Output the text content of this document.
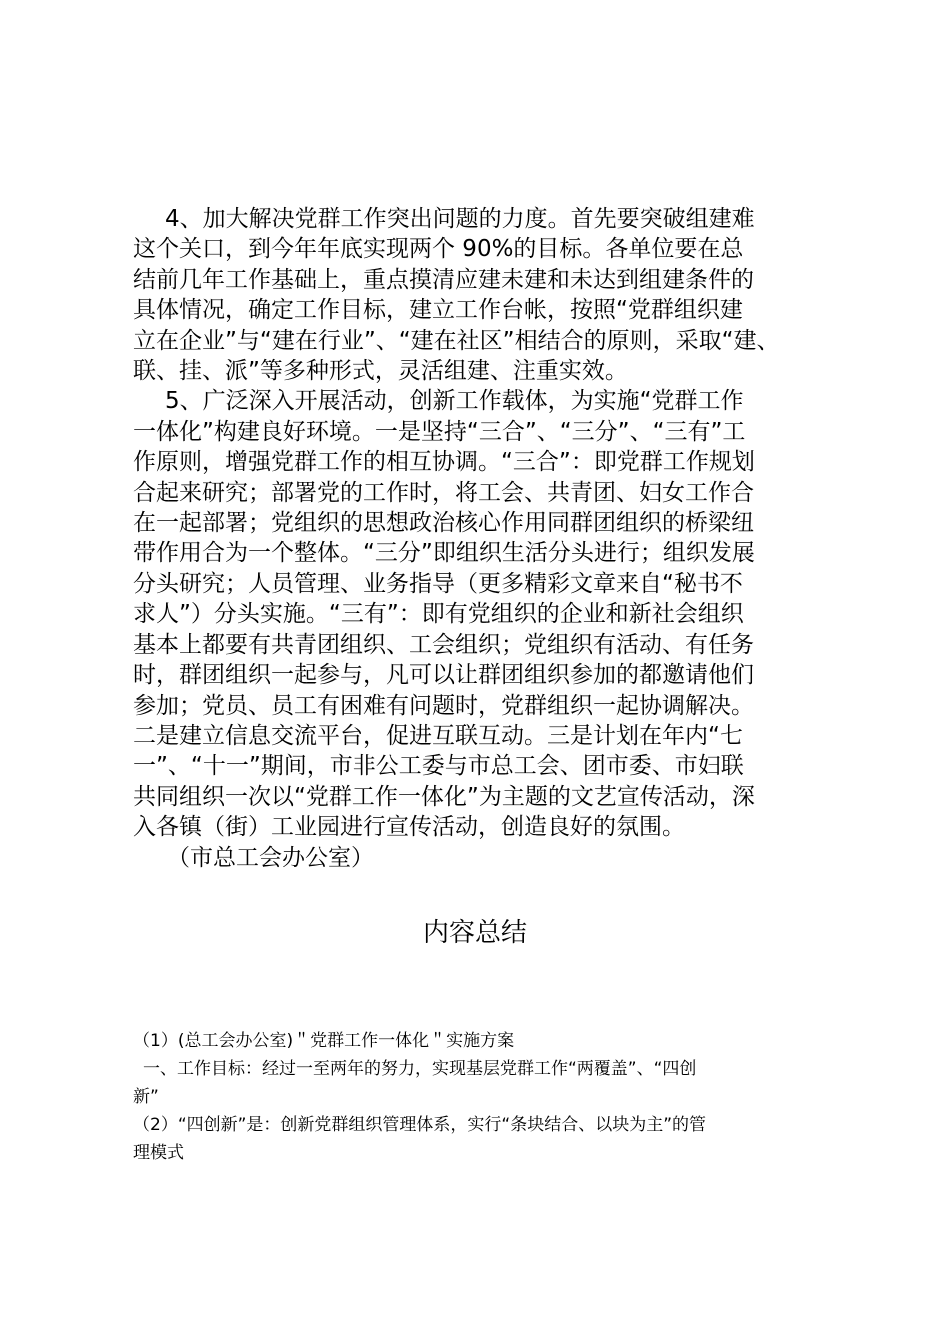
4、加大解决党群工作突出问题的力度。首先要突破组建难
这个关口，到今年年底实现两个 90%的目标。各单位要在总
结前几年工作基础上，重点摸清应建未建和未达到组建条件的
具体情况，确定工作目标，建立工作台帐，按照“党群组织建
立在企业”与“建在行业”、“建在社区”相结合的原则，采取“建、
联、挂、派”等多种形式，灵活组建、注重实效。
5、广泛深入开展活动，创新工作载体，为实施“党群工作
一体化”构建良好环境。一是坚持“三合”、“三分”、“三有”工
作原则，增强党群工作的相互协调。“三合”：即党群工作规划
合起来研究；部署党的工作时，将工会、共青团、妇女工作合
在一起部署；党组织的思想政治核心作用同群团组织的桥梁纽
带作用合为一个整体。“三分”即组织生活分头进行；组织发展
分头研究；人员管理、业务指导（更多精彩文章来自“秘书不
求人”）分头实施。“三有”：即有党组织的企业和新社会组织
基本上都要有共青团组织、工会组织；党组织有活动、有任务
时，群团组织一起参与，凡可以让群团组织参加的都邀请他们
参加；党员、员工有困难有问题时，党群组织一起协调解决。
二是建立信息交流平台，促进互联互动。三是计划在年内“七
一”、“十一”期间，市非公工委与市总工会、团市委、市妇联
共同组织一次以“党群工作一体化”为主题的文艺宣传活动，深
入各镇（街）工业园进行宣传活动，创造良好的氛围。
（市总工会办公室）
内容总结
（1）(总工会办公室)＂党群工作一体化＂实施方案
一、工作目标：经过一至两年的努力，实现基层党群工作“两覆盖”、“四创
新”
（2）“四创新”是：创新党群组织管理体系，实行“条块结合、以块为主”的管
理模式
